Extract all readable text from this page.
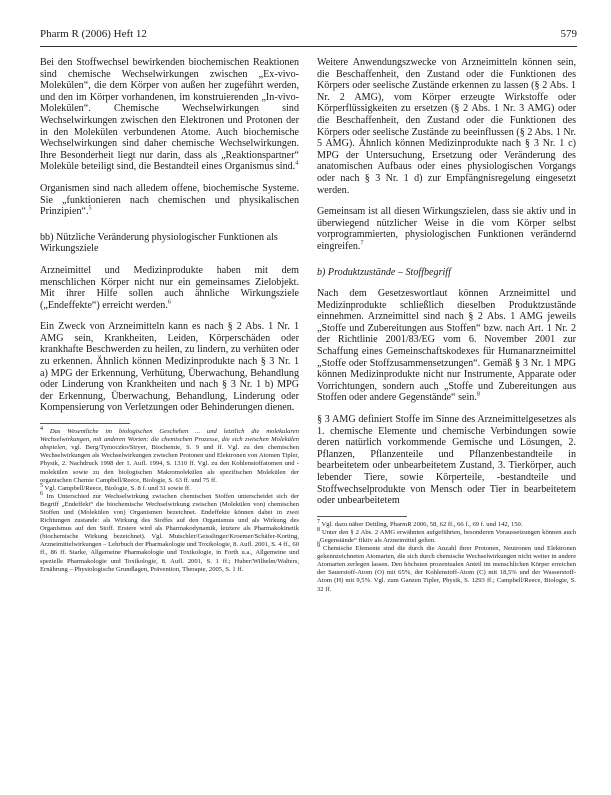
Pharm R (2006) Heft 12	579

Bei den Stoffwechsel bewirkenden biochemischen Reaktionen sind chemische Wechselwirkungen zwischen „Ex-vivo-Molekülen“, die dem Körper von außen her zugeführt werden, und den im Körper vorhandenen, im konstruierenden „In-vivo-Molekülen“. Chemische Wechselwirkungen sind Wechselwirkungen zwischen den Elektronen und Protonen der in den Molekülen verbundenen Atome. Auch biochemische Wechselwirkungen sind daher chemische Wechselwirkungen. Ihre Besonderheit liegt nur darin, dass als „Reaktionspartner“ Moleküle beteiligt sind, die Bestandteil eines Organismus sind.$^4$

Organismen sind nach alledem offene, biochemische Systeme. Sie „funktionieren nach chemischen und physikalischen Prinzipien“.$^5$

bb) Nützliche Veränderung physiologischer Funktionen als Wirkungsziele

Arzneimittel und Medizinprodukte haben mit dem menschlichen Körper nicht nur ein gemeinsames Zielobjekt. Mit ihrer Hilfe sollen auch ähnliche Wirkungsziele („Endeffekte“) erreicht werden.$^6$

Ein Zweck von Arzneimitteln kann es nach § 2 Abs. 1 Nr. 1 AMG sein, Krankheiten, Leiden, Körperschäden oder krankhafte Beschwerden zu heilen, zu lindern, zu verhüten oder zu erkennen. Ähnlich können Medizinprodukte nach § 3 Nr. 1 a) MPG der Erkennung, Verhütung, Überwachung, Behandlung oder Linderung von Krankheiten und nach § 3 Nr. 1 b) MPG der Erkennung, Überwachung, Behandlung, Linderung oder Kompensierung von Verletzungen oder Behinderungen dienen.

$^4$ Das Wesentliche im biologischen Geschehen ... und letztlich die molekularen Wechselwirkungen, mit anderen Worten: die chemischen Prozesse, die sich zwischen Molekülen abspielen, vgl. Berg/Tymoczko/Stryer, Biochemie, S. 9 und ff. Vgl. zu den chemischen Wechselwirkungen als Wechselwirkungen zwischen Protonen und Elektronen von Atomen Tipler, Physik, 2. Nachdruck 1998 der 1. Aufl. 1994, S. 1310 ff. Vgl. zu den Kohlenstoffatomen und -molekülen sowie zu den biologischen Makromolekülen als spezifischen Molekülen der organischen Chemie Campbell/Reece, Biologie, S. 63 ff. und 75 ff.

$^5$ Vgl. Campbell/Reece, Biologie, S. 8 f. und 31 sowie ff.

$^6$ Im Unterschied zur Wechselwirkung zwischen chemischen Stoffen unterscheidet sich der Begriff „Endeffekt“ die biochemische Wechselwirkung zwischen (Molekülen von) chemischen Stoffen und (Molekülen von) Organismen bezeichnet. Endeffekte können dabei in zwei Richtungen zustande: als Wirkung des Stoffes auf den Organismus und als Wirkung des Organismus auf den Stoff. Erstere wird als Pharmakodynamik, letztere als Pharmakokinetik (biochemische Wirkung bezeichnet). Vgl. Mutschler/Geisslinger/Kroemer/Schäfer-Korting, Arzneimittelwirkungen – Lehrbuch der Pharmakologie und Toxikologie, 8. Aufl. 2001, S. 4 ff., 60 ff., 86 ff. Starke, Allgemeine Pharmakologie und Toxikologie, in Forth u.a., Allgemeine und spezielle Pharmakologie und Toxikologie, 8. Aufl. 2001, S. 1 ff.; Huber/Wilhelm/Walters, Ernährung – Physiologische Grundlagen, Prävention, Therapie, 2005, S. 1 ff.

Weitere Anwendungszwecke von Arzneimitteln können sein, die Beschaffenheit, den Zustand oder die Funktionen des Körpers oder seelische Zustände erkennen zu lassen (§ 2 Abs. 1 Nr. 2 AMG), vom Körper erzeugte Wirkstoffe oder Körperflüssigkeiten zu ersetzen (§ 2 Abs. 1 Nr. 3 AMG) oder die Beschaffenheit, den Zustand oder die Funktionen des Körpers oder seelische Zustände zu beeinflussen (§ 2 Abs. 1 Nr. 5 AMG). Ähnlich können Medizinprodukte nach § 3 Nr. 1 c) MPG der Untersuchung, Ersetzung oder Veränderung des anatomischen Aufbaus oder eines physiologischen Vorgangs oder nach § 3 Nr. 1 d) zur Empfängnisregelung eingesetzt werden.

Gemeinsam ist all diesen Wirkungszielen, dass sie aktiv und in überwiegend nützlicher Weise in die vom Körper selbst vorprogrammierten, physiologischen Funktionen verändernd eingreifen.$^7$

b) Produktzustände – Stoffbegriff

Nach dem Gesetzeswortlaut können Arzneimittel und Medizinprodukte schließlich dieselben Produktzustände einnehmen. Arzneimittel sind nach § 2 Abs. 1 AMG jeweils „Stoffe und Zubereitungen aus Stoffen“ bzw. nach Art. 1 Nr. 2 der Richtlinie 2001/83/EG vom 6. November 2001 zur Schaffung eines Gemeinschaftskodexes für Humanarzneimittel „Stoffe oder Stoffzusammensetzungen“. Gemäß § 3 Nr. 1 MPG können Medizinprodukte nicht nur Instrumente, Apparate oder Vorrichtungen, sondern auch „Stoffe und Zubereitungen aus Stoffen oder andere Gegenstände“ sein.$^8$

§ 3 AMG definiert Stoffe im Sinne des Arzneimittelgesetzes als 1. chemische Elemente und chemische Verbindungen sowie deren natürlich vorkommende Gemische und Lösungen, 2. Pflanzen, Pflanzenteile und Pflanzenbestandteile in bearbeitetem oder unbearbeitetem Zustand, 3. Tierkörper, auch lebender Tiere, sowie Körperteile, -bestandteile und Stoffwechselprodukte von Mensch oder Tier in bearbeitetem oder unbearbeitetem

$^7$ Vgl. dazu näher Dettling, PharmR 2006, 58, 62 ff., 66 f., 69 f. und 142, 150.

$^8$ Unter den § 2 Abs. 2 AMG erwähnten aufgeführten, besonderen Voraussetzungen können auch „Gegenstände“ fiktiv als Arzneimittel gelten.

$^9$ Chemische Elemente sind die durch die Anzahl ihrer Protonen, Neutronen und Elektronen gekennzeichneten Atomarten, die sich durch chemische Wechselwirkungen nicht weiter in andere Atomarten zerlegen lassen. Den höchsten prozentualen Anteil im menschlichen Körper erreichen der Sauerstoff-Atom (O) mit 65%, der Kohlenstoff-Atom (C) mit 18,5% und der Wasserstoff-Atom (H) mit 9,5%. Vgl. zum Ganzen Tipler, Physik, S. 1293 ff.; Campbell/Reece, Biologie, S. 32 ff.
